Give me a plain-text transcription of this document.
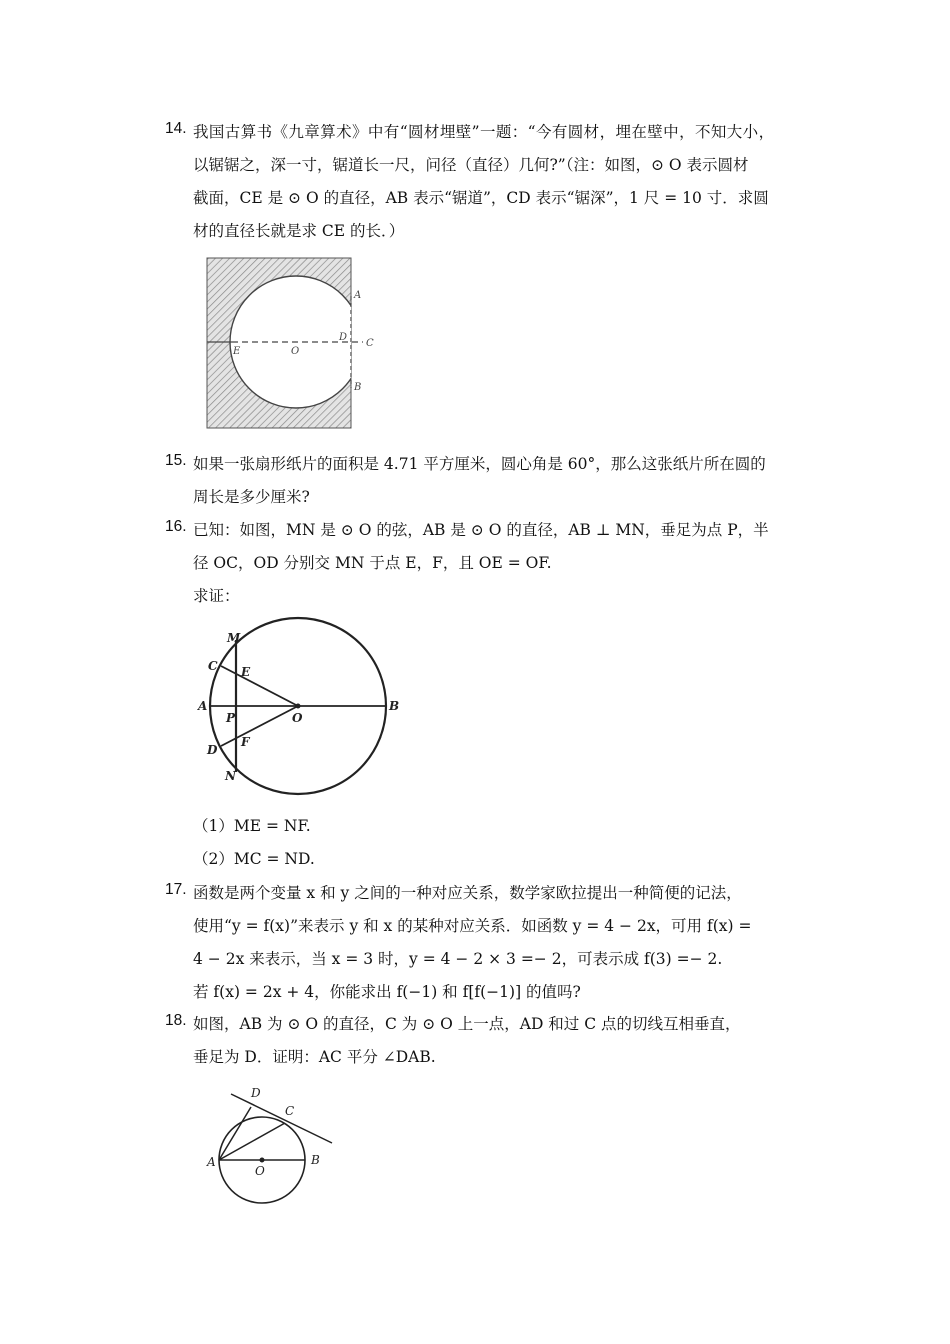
14. 我国古算书《九章算术》中有“圆材埋壁”一题：“今有圆材，埋在壁中，不知大小，
以锯锯之，深一寸，锯道长一尺，问径（直径）几何?”（注：如图，⊙ O 表示圆材
截面，CE 是 ⊙ O 的直径，AB 表示“锯道”，CD 表示“锯深”，1 尺 = 10 寸．求圆
材的直径长就是求 CE 的长．）
A
D
C
E	O
B
15. 如果一张扇形纸片的面积是 4.71 平方厘米，圆心角是 60°，那么这张纸片所在圆的
周长是多少厘米?
16. 已知：如图，MN 是 ⊙ O 的弦，AB 是 ⊙ O 的直径，AB ⊥ MN，垂足为点 P，半
径 OC，OD 分别交 MN 于点 E，F，且 OE = OF.
求证：
M
C E
A
P	O
B
D
F
N
（1）ME = NF.
（2）MC = ND.
17. 函数是两个变量 x 和 y 之间的一种对应关系，数学家欧拉提出一种简便的记法，
使用“y = f(x)”来表示 y 和 x 的某种对应关系．如函数 y = 4 − 2x，可用 f(x) =
4 − 2x 来表示，当 x = 3 时，y = 4 − 2 × 3 =− 2，可表示成 f(3) =− 2.
若 f(x) = 2x + 4，你能求出 f(−1) 和 f[f(−1)] 的值吗?
18. 如图，AB 为 ⊙ O 的直径，C 为 ⊙ O 上一点，AD 和过 C 点的切线互相垂直，
垂足为 D．证明：AC 平分 ∠DAB.
D
C
A
O
B
